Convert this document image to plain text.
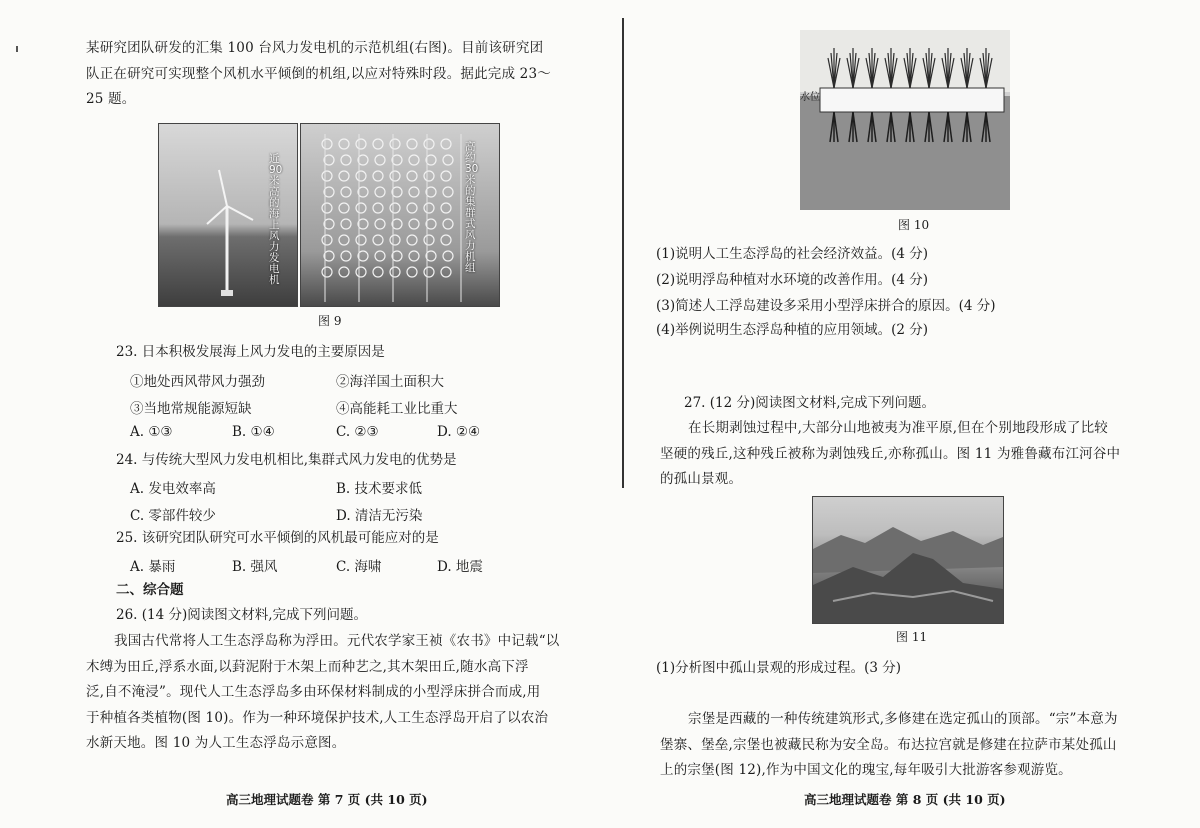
某研究团队研发的汇集 100 台风力发电机的示范机组(右图)。目前该研究团
队正在研究可实现整个风机水平倾倒的机组,以应对特殊时段。据此完成 23～
25 题。
近90米高的海上风力发电机
高约30米的集群式风力机组
图 9
23. 日本积极发展海上风力发电的主要原因是
①地处西风带风力强劲	②海洋国土面积大
③当地常规能源短缺	④高能耗工业比重大
A. ①③	B. ①④	C. ②③	D. ②④
24. 与传统大型风力发电机相比,集群式风力发电的优势是
A. 发电效率高	B. 技术要求低
C. 零部件较少	D. 清洁无污染
25. 该研究团队研究可水平倾倒的风机最可能应对的是
A. 暴雨	B. 强风	C. 海啸	D. 地震
二、综合题
26. (14 分)阅读图文材料,完成下列问题。
我国古代常将人工生态浮岛称为浮田。元代农学家王祯《农书》中记载“以
木缚为田丘,浮系水面,以葑泥附于木架上而种艺之,其木架田丘,随水高下浮
泛,自不淹浸”。现代人工生态浮岛多由环保材料制成的小型浮床拼合而成,用
于种植各类植物(图 10)。作为一种环境保护技术,人工生态浮岛开启了以农治
水新天地。图 10 为人工生态浮岛示意图。
高三地理试题卷 第 7 页 (共 10 页)
水位
图 10
(1)说明人工生态浮岛的社会经济效益。(4 分)
(2)说明浮岛种植对水环境的改善作用。(4 分)
(3)简述人工浮岛建设多采用小型浮床拼合的原因。(4 分)
(4)举例说明生态浮岛种植的应用领域。(2 分)
27. (12 分)阅读图文材料,完成下列问题。
在长期剥蚀过程中,大部分山地被夷为准平原,但在个别地段形成了比较
坚硬的残丘,这种残丘被称为剥蚀残丘,亦称孤山。图 11 为雅鲁藏布江河谷中
的孤山景观。
图 11
(1)分析图中孤山景观的形成过程。(3 分)
宗堡是西藏的一种传统建筑形式,多修建在选定孤山的顶部。“宗”本意为
堡寨、堡垒,宗堡也被藏民称为安全岛。布达拉宫就是修建在拉萨市某处孤山
上的宗堡(图 12),作为中国文化的瑰宝,每年吸引大批游客参观游览。
高三地理试题卷 第 8 页 (共 10 页)
